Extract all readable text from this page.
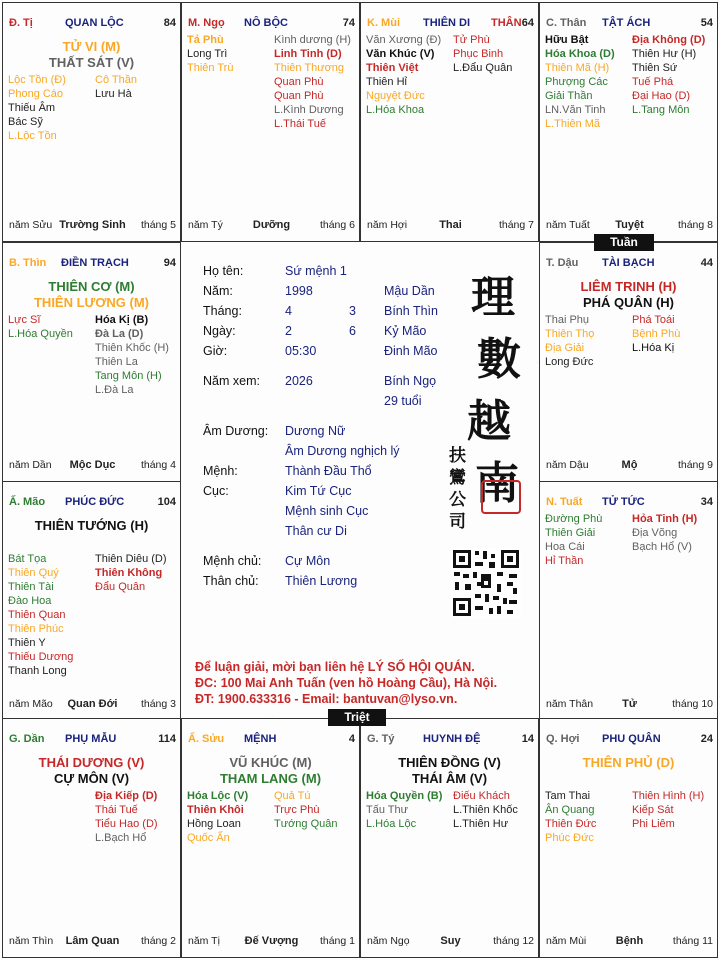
Họ tên:	Sứ mệnh 1
Năm:	1998	Mậu Dần
Tháng:	4	3 Bính Thìn
Ngày:	2	6 Kỷ Mão
Giờ:	05:30	Đinh Mão
Năm xem: 2026	Bính Ngọ
29 tuổi
Âm Dương: Dương Nữ
Âm Dương nghịch lý
Mệnh:	Thành Đầu Thổ
Cục:	Kim Tứ Cục
Mệnh sinh Cục
Thân cư Di
Mệnh chủ: Cự Môn
Thân chủ: Thiên Lương
理
數
越
南
扶
鸞
公
司
Để luận giải, mời bạn liên hệ LÝ SỐ HỘI QUÁN.
ĐC: 100 Mai Anh Tuấn (ven hồ Hoàng Cầu), Hà Nội.
ĐT: 1900.633316 - Email: bantuvan@lyso.vn.
Đ. Tị	QUAN LỘC	84
TỬ VI (M)
THẤT SÁT (V)
Lộc Tồn (Đ)
Phong Cáo
Thiếu Âm
Bác Sỹ
L.Lộc Tồn
Cô Thần
Lưu Hà
năm Sửu Trường Sinh	tháng 5
M. Ngọ NÔ BỘC	74
Tả Phù
Long Trì
Thiên Trù
Kình dương (H)
Linh Tinh (D)
Thiên Thương
Quan Phù
Quan Phù
L.Kình Dương
L.Thái Tuế
năm Tý	Dưỡng	tháng 6
K. Mùi THIÊN DI THÂN 64
Văn Xương (Đ)
Văn Khúc (V)
Thiên Việt
Thiên Hỉ
Nguyệt Đức
L.Hóa Khoa
Tử Phù
Phục Binh
L.Đẩu Quân
năm Hợi	Thai	tháng 7
C. Thân TẬT ÁCH	54
Hữu Bật
Hóa Khoa (D)
Thiên Mã (H)
Phượng Các
Giải Thần
LN.Văn Tinh
L.Thiên Mã
Địa Không (D)
Thiên Hư (H)
Thiên Sứ
Tuế Phá
Đại Hao (D)
L.Tang Môn
năm Tuất	Tuyệt	tháng 8
B. Thìn ĐIỀN TRẠCH	94
THIÊN CƠ (M)
THIÊN LƯƠNG (M)
Lực Sĩ
L.Hóa Quyền
Hóa Kị (B)
Đà La (D)
Thiên Khốc (H)
Thiên La
Tang Môn (H)
L.Đà La
năm Dần	Mộc Dục	tháng 4
T. Dậu TÀI BẠCH	44
LIÊM TRINH (H)
PHÁ QUÂN (H)
Thai Phụ
Thiên Thọ
Địa Giải
Long Đức
Phá Toái
Bệnh Phù
L.Hóa Kị
năm Dậu	Mộ	tháng 9
Ấ. Mão PHÚC ĐỨC	104
THIÊN TƯỚNG (H)
Bát Tọa
Thiên Quý
Thiên Tài
Đào Hoa
Thiên Quan
Thiên Phúc
Thiên Y
Thiếu Dương
Thanh Long
Thiên Diêu (D)
Thiên Không
Đẩu Quân
năm Mão	Quan Đới	tháng 3
N. Tuất TỬ TỨC	34
Đường Phù
Thiên Giải
Hoa Cái
Hỉ Thần
Hỏa Tinh (H)
Địa Võng
Bạch Hổ (V)
năm Thân	Tử	tháng 10
G. Dần PHỤ MẪU	114
THÁI DƯƠNG (V)
CỰ MÔN (V)
Địa Kiếp (D)
Thái Tuế
Tiểu Hao (D)
L.Bạch Hổ
năm Thìn	Lâm Quan	tháng 2
Ấ. Sửu MỆNH	4
VŨ KHÚC (M)
THAM LANG (M)
Hóa Lộc (V)
Thiên Khôi
Hồng Loan
Quốc Ấn
Quả Tú
Trực Phù
Tướng Quân
năm Tị	Đế Vượng	tháng 1
G. Tý	HUYNH ĐỆ	14
THIÊN ĐỒNG (V)
THÁI ÂM (V)
Hóa Quyền (B)
Tấu Thư
L.Hóa Lộc
Điếu Khách
L.Thiên Khốc
L.Thiên Hư
năm Ngọ	Suy	tháng 12
Q. Hợi PHU QUÂN	24
THIÊN PHỦ (D)
Tam Thai
Ân Quang
Thiên Đức
Phúc Đức
Thiên Hình (H)
Kiếp Sát
Phi Liêm
năm Mùi	Bệnh	tháng 11
Tuần
Triệt
